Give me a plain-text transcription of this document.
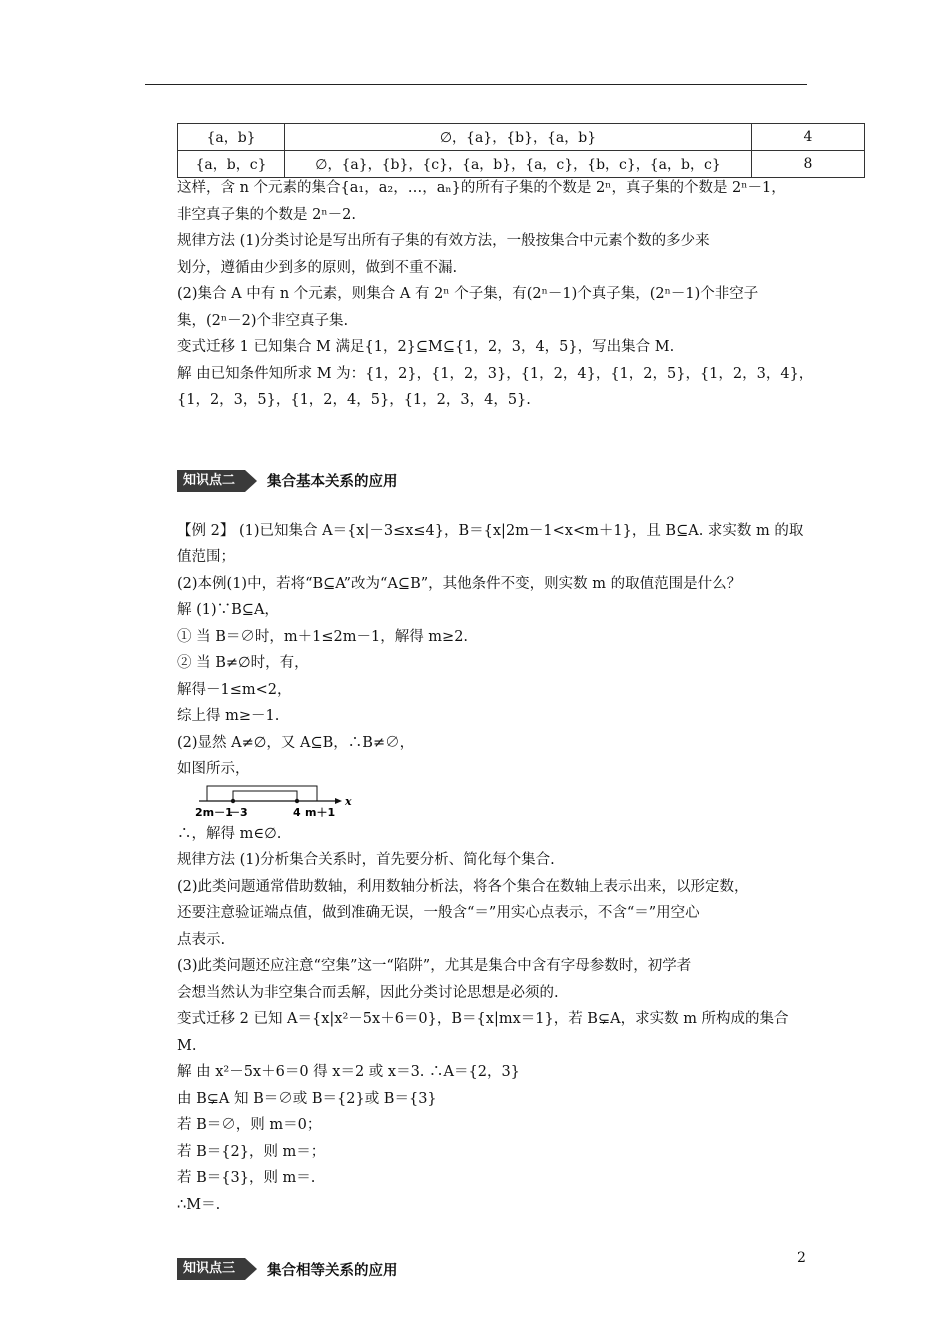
{a，b}	∅，{a}，{b}，{a，b}	4
{a，b，c}	∅，{a}，{b}，{c}，{a，b}，{a，c}，{b，c}，{a，b，c}	8
这样，含 n 个元素的集合{a₁，a₂，…，aₙ}的所有子集的个数是 2ⁿ，真子集的个数是 2ⁿ－1，
非空真子集的个数是 2ⁿ－2.
规律方法 (1)分类讨论是写出所有子集的有效方法，一般按集合中元素个数的多少来
划分，遵循由少到多的原则，做到不重不漏.
(2)集合 A 中有 n 个元素，则集合 A 有 2ⁿ 个子集，有(2ⁿ－1)个真子集，(2ⁿ－1)个非空子
集，(2ⁿ－2)个非空真子集.
变式迁移 1 已知集合 M 满足{1，2}⊆M⊆{1，2，3，4，5}，写出集合 M.
解 由已知条件知所求 M 为：{1，2}，{1，2，3}，{1，2，4}，{1，2，5}，{1，2，3，4}，
{1，2，3，5}，{1，2，4，5}，{1，2，3，4，5}.
知识点二	集合基本关系的应用
【例 2】 (1)已知集合 A＝{x|－3≤x≤4}，B＝{x|2m－1<x<m＋1}，且 B⊆A. 求实数 m 的取
值范围；
(2)本例(1)中，若将“B⊆A”改为“A⊆B”，其他条件不变，则实数 m 的取值范围是什么？
解 (1)∵B⊆A，
① 当 B＝∅时，m＋1≤2m－1，解得 m≥2.
② 当 B≠∅时，有，
解得－1≤m<2，
综上得 m≥－1.
(2)显然 A≠∅，又 A⊆B，∴B≠∅，
如图所示，
2m－1
－3	4 m＋1
x
∴，解得 m∈∅.
规律方法 (1)分析集合关系时，首先要分析、简化每个集合.
(2)此类问题通常借助数轴，利用数轴分析法，将各个集合在数轴上表示出来，以形定数，
还要注意验证端点值，做到准确无误，一般含“＝”用实心点表示，不含“＝”用空心
点表示.
(3)此类问题还应注意“空集”这一“陷阱”，尤其是集合中含有字母参数时，初学者
会想当然认为非空集合而丢解，因此分类讨论思想是必须的.
变式迁移 2 已知 A＝{x|x²－5x＋6＝0}，B＝{x|mx＝1}，若 B⊊A，求实数 m 所构成的集合
M.
解 由 x²－5x＋6＝0 得 x＝2 或 x＝3. ∴A＝{2，3}
由 B⊊A 知 B＝∅或 B＝{2}或 B＝{3}
若 B＝∅，则 m＝0；
若 B＝{2}，则 m＝；
若 B＝{3}，则 m＝.
∴M＝.
知识点三	集合相等关系的应用
2
